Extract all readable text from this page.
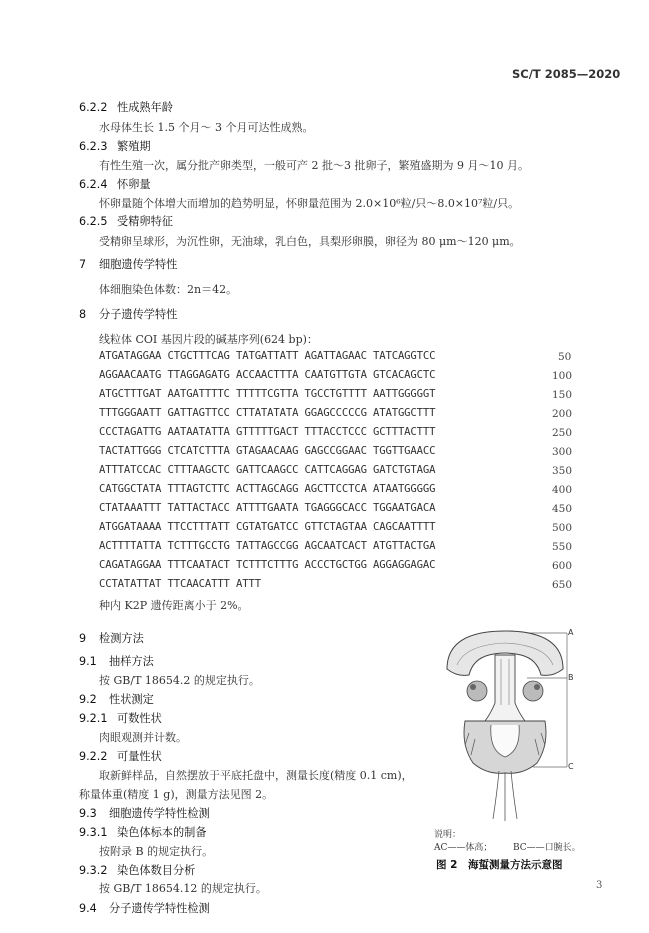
SC/T 2085—2020
6.2.2 性成熟年龄
水母体生长 1.5 个月～ 3 个月可达性成熟。
6.2.3 繁殖期
有性生殖一次，属分批产卵类型，一般可产 2 批～3 批卵子，繁殖盛期为 9 月～10 月。
6.2.4 怀卵量
怀卵量随个体增大而增加的趋势明显，怀卵量范围为 2.0×10⁶粒/只～8.0×10⁷粒/只。
6.2.5 受精卵特征
受精卵呈球形，为沉性卵，无油球，乳白色，具梨形卵膜，卵径为 80 μm～120 μm。
7 细胞遗传学特性
体细胞染色体数：2n＝42。
8 分子遗传学特性
线粒体 COI 基因片段的碱基序列(624 bp)：
ATGATAGGAA CTGCTTTCAG TATGATTATT AGATTAGAAC TATCAGGTCC
AGGAACAATG TTAGGAGATG ACCAACTTTA CAATGTTGTA GTCACAGCTC
ATGCTTTGAT AATGATTTTC TTTTTCGTTA TGCCTGTTTT AATTGGGGGT
TTTGGGAATT GATTAGTTCC CTTATATATA GGAGCCCCCG ATATGGCTTT
CCCTAGATTG AATAATATTA GTTTTTGACT TTTACCTCCC GCTTTACTTT
TACTATTGGG CTCATCTTTA GTAGAACAAG GAGCCGGAAC TGGTTGAACC
ATTTATCCAC CTTTAAGCTC GATTCAAGCC CATTCAGGAG GATCTGTAGA
CATGGCTATA TTTAGTCTTC ACTTAGCAGG AGCTTCCTCA ATAATGGGGG
CTATAAATTT TATTACTACC ATTTTGAATA TGAGGGCACC TGGAATGACA
ATGGATAAAA TTCCTTTATT CGTATGATCC GTTCTAGTAA CAGCAATTTT
ACTTTTATTA TCTTTGCCTG TATTAGCCGG AGCAATCACT ATGTTACTGA
CAGATAGGAA TTTCAATACT TCTTTCTTTG ACCCTGCTGG AGGAGGAGAC
CCTATATTAT TTCAACATTT ATTT
50
100
150
200
250
300
350
400
450
500
550
600
650
种内 K2P 遗传距离小于 2%。
9 检测方法
9.1 抽样方法
按 GB/T 18654.2 的规定执行。
9.2 性状测定
9.2.1 可数性状
肉眼观测并计数。
9.2.2 可量性状
取新鲜样品，自然摆放于平底托盘中，测量长度(精度 0.1 cm)，
称量体重(精度 1 g)，测量方法见图 2。
9.3 细胞遗传学特性检测
9.3.1 染色体标本的制备
按附录 B 的规定执行。
9.3.2 染色体数目分析
按 GB/T 18654.12 的规定执行。
9.4 分子遗传学特性检测
A
B
C
说明：
AC——体高； BC——口腕长。
图 2　海蜇测量方法示意图
3
